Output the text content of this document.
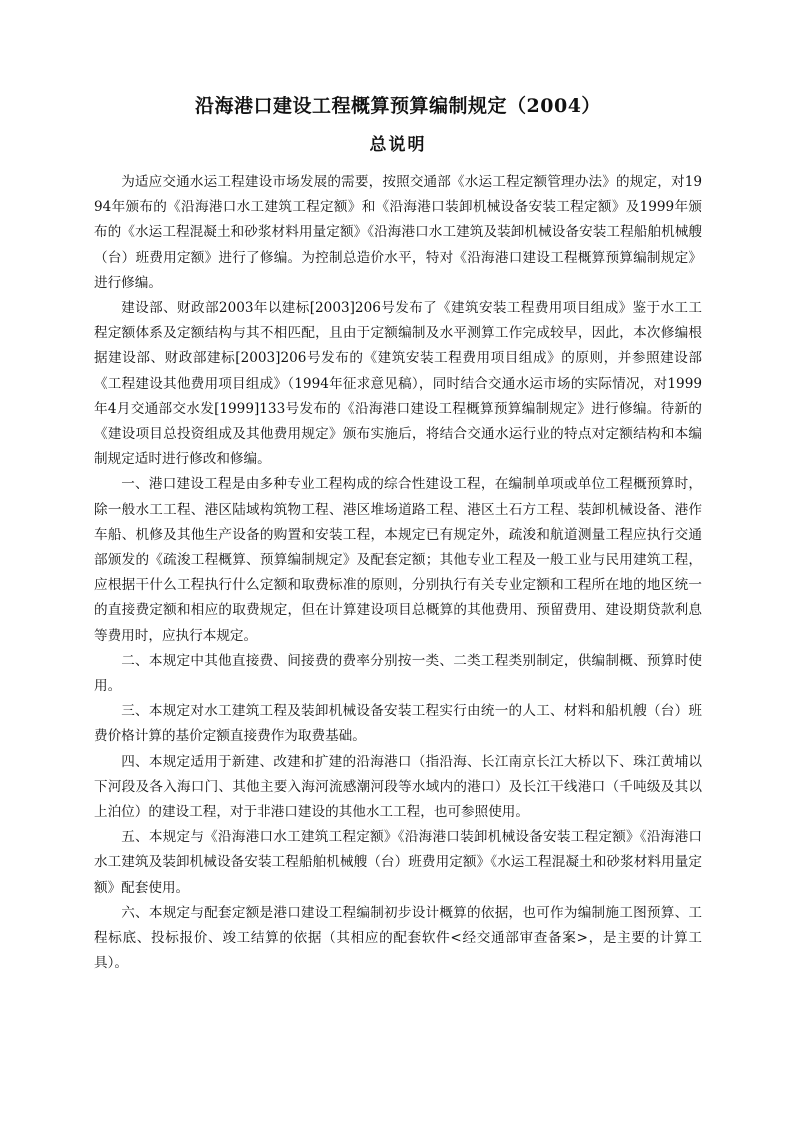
沿海港口建设工程概算预算编制规定（2004）
总说明

为适应交通水运工程建设市场发展的需要，按照交通部《水运工程定额管理办法》的规定，对1994年颁布的《沿海港口水工建筑工程定额》和《沿海港口装卸机械设备安装工程定额》及1999年颁布的《水运工程混凝土和砂浆材料用量定额》《沿海港口水工建筑及装卸机械设备安装工程船舶机械艘（台）班费用定额》进行了修编。为控制总造价水平，特对《沿海港口建设工程概算预算编制规定》进行修编。

建设部、财政部2003年以建标[2003]206号发布了《建筑安装工程费用项目组成》鉴于水工工程定额体系及定额结构与其不相匹配，且由于定额编制及水平测算工作完成较早，因此，本次修编根据建设部、财政部建标[2003]206号发布的《建筑安装工程费用项目组成》的原则，并参照建设部《工程建设其他费用项目组成》（1994年征求意见稿），同时结合交通水运市场的实际情况，对1999年4月交通部交水发[1999]133号发布的《沿海港口建设工程概算预算编制规定》进行修编。待新的《建设项目总投资组成及其他费用规定》颁布实施后，将结合交通水运行业的特点对定额结构和本编制规定适时进行修改和修编。

一、港口建设工程是由多种专业工程构成的综合性建设工程，在编制单项或单位工程概预算时，除一般水工工程、港区陆域构筑物工程、港区堆场道路工程、港区土石方工程、装卸机械设备、港作车船、机修及其他生产设备的购置和安装工程，本规定已有规定外，疏浚和航道测量工程应执行交通部颁发的《疏浚工程概算、预算编制规定》及配套定额；其他专业工程及一般工业与民用建筑工程，应根据干什么工程执行什么定额和取费标准的原则，分别执行有关专业定额和工程所在地的地区统一的直接费定额和相应的取费规定，但在计算建设项目总概算的其他费用、预留费用、建设期贷款利息等费用时，应执行本规定。

二、本规定中其他直接费、间接费的费率分别按一类、二类工程类别制定，供编制概、预算时使用。

三、本规定对水工建筑工程及装卸机械设备安装工程实行由统一的人工、材料和船机艘（台）班费价格计算的基价定额直接费作为取费基础。

四、本规定适用于新建、改建和扩建的沿海港口（指沿海、长江南京长江大桥以下、珠江黄埔以下河段及各入海口门、其他主要入海河流感潮河段等水域内的港口）及长江干线港口（千吨级及其以上泊位）的建设工程，对于非港口建设的其他水工工程，也可参照使用。

五、本规定与《沿海港口水工建筑工程定额》《沿海港口装卸机械设备安装工程定额》《沿海港口水工建筑及装卸机械设备安装工程船舶机械艘（台）班费用定额》《水运工程混凝土和砂浆材料用量定额》配套使用。

六、本规定与配套定额是港口建设工程编制初步设计概算的依据，也可作为编制施工图预算、工程标底、投标报价、竣工结算的依据（其相应的配套软件<经交通部审查备案>，是主要的计算工具）。
